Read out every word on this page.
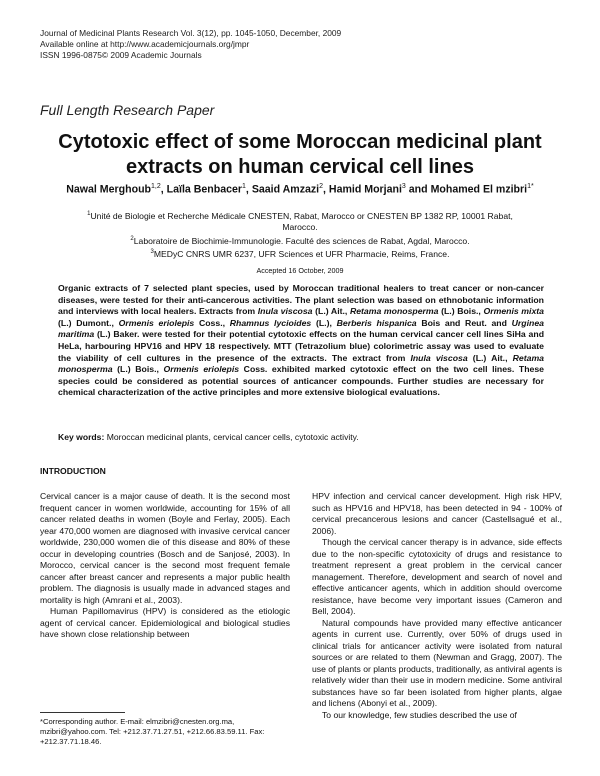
Journal of Medicinal Plants Research Vol. 3(12), pp. 1045-1050, December, 2009
Available online at http://www.academicjournals.org/jmpr
ISSN 1996-0875© 2009 Academic Journals
Full Length Research Paper
Cytotoxic effect of some Moroccan medicinal plant
extracts on human cervical cell lines
Nawal Merghoub$^{1,2}$, Laïla Benbacer$^1$, Saaid Amzazi$^2$, Hamid Morjani$^3$ and Mohamed El mzibri$^{1*}$
$^1$Unité de Biologie et Recherche Médicale CNESTEN, Rabat, Marocco or CNESTEN BP 1382 RP, 10001 Rabat,
Marocco.
$^2$Laboratoire de Biochimie-Immunologie. Faculté des sciences de Rabat, Agdal, Marocco.
$^3$MEDyC CNRS UMR 6237, UFR Sciences et UFR Pharmacie, Reims, France.
Accepted 16 October, 2009
Organic extracts of 7 selected plant species, used by Moroccan traditional healers to treat cancer or non-cancer diseases, were tested for their anti-cancerous activities. The plant selection was based on ethnobotanic information and interviews with local healers. Extracts from Inula viscosa (L.) Ait., Retama monosperma (L.) Bois., Ormenis mixta (L.) Dumont., Ormenis eriolepis Coss., Rhamnus lycioides (L.), Berberis hispanica Bois and Reut. and Urginea maritima (L.) Baker. were tested for their potential cytotoxic effects on the human cervical cancer cell lines SiHa and HeLa, harbouring HPV16 and HPV 18 respectively. MTT (Tetrazolium blue) colorimetric assay was used to evaluate the viability of cell cultures in the presence of the extracts. The extract from Inula viscosa (L.) Ait., Retama monosperma (L.) Bois., Ormenis eriolepis Coss. exhibited marked cytotoxic effect on the two cell lines. These species could be considered as potential sources of anticancer compounds. Further studies are necessary for chemical characterization of the active principles and more extensive biological evaluations.
Key words: Moroccan medicinal plants, cervical cancer cells, cytotoxic activity.
INTRODUCTION

Cervical cancer is a major cause of death. It is the second most frequent cancer in women worldwide, accounting for 15% of all cancer related deaths in women (Boyle and Ferlay, 2005). Each year 470,000 women are diagnosed with invasive cervical cancer worldwide, 230,000 women die of this disease and 80% of these occur in developing countries (Bosch and de Sanjosé, 2003). In Morocco, cervical cancer is the second most frequent female cancer after breast cancer and represents a major public health problem. The diagnosis is usually made in advanced stages and mortality is high (Amrani et al., 2003).

Human Papillomavirus (HPV) is considered as the etiologic agent of cervical cancer. Epidemiological and biological studies have shown close relationship between

HPV infection and cervical cancer development. High risk HPV, such as HPV16 and HPV18, has been detected in 94 - 100% of cervical precancerous lesions and cancer (Castellsagué et al., 2006).

Though the cervical cancer therapy is in advance, side effects due to the non-specific cytotoxicity of drugs and resistance to treatment represent a great problem in the cervical cancer management. Therefore, development and search of novel and effective anticancer agents, which in addition should overcome resistance, have become very important issues (Cameron and Bell, 2004).

Natural compounds have provided many effective anticancer agents in current use. Currently, over 50% of drugs used in clinical trials for anticancer activity were isolated from natural sources or are related to them (Newman and Gragg, 2007). The use of plants or plants products, traditionally, as antiviral agents is relatively wider than their use in modern medicine. Some antiviral substances have so far been isolated from higher plants, algae and lichens (Abonyi et al., 2009).

To our knowledge, few studies described the use of

*Corresponding author. E-mail: elmzibri@cnesten.org.ma, mzibri@yahoo.com. Tel: +212.37.71.27.51, +212.66.83.59.11. Fax: +212.37.71.18.46.
